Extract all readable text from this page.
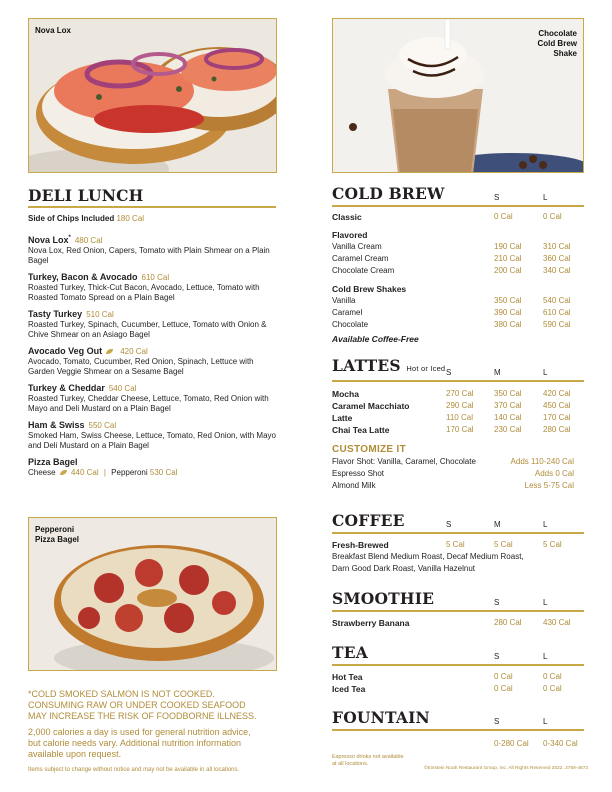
Nova Lox
DELI LUNCH
Side of Chips Included 180 Cal
Nova Lox* 480 Cal
Nova Lox, Red Onion, Capers, Tomato with Plain Shmear on a Plain Bagel
Turkey, Bacon & Avocado 610 Cal
Roasted Turkey, Thick-Cut Bacon, Avocado, Lettuce, Tomato with Roasted Tomato Spread on a Plain Bagel
Tasty Turkey 510 Cal
Roasted Turkey, Spinach, Cucumber, Lettuce, Tomato with Onion & Chive Shmear on an Asiago Bagel
Avocado Veg Out 420 Cal
Avocado, Tomato, Cucumber, Red Onion, Spinach, Lettuce with Garden Veggie Shmear on a Sesame Bagel
Turkey & Cheddar 540 Cal
Roasted Turkey, Cheddar Cheese, Lettuce, Tomato, Red Onion with Mayo and Deli Mustard on a Plain Bagel
Ham & Swiss 550 Cal
Smoked Ham, Swiss Cheese, Lettuce, Tomato, Red Onion, with Mayo and Deli Mustard on a Plain Bagel
Pizza Bagel
Cheese 440 Cal | Pepperoni 530 Cal
Pepperoni
Pizza Bagel
*COLD SMOKED SALMON IS NOT COOKED.
CONSUMING RAW OR UNDER COOKED SEAFOOD
MAY INCREASE THE RISK OF FOODBORNE ILLNESS.
2,000 calories a day is used for general nutrition advice,
but calorie needs vary. Additional nutrition information
available upon request.
Items subject to change without notice and may not be available in all locations.
Chocolate
Cold Brew
Shake
COLD BREW	S	L
Classic	0 Cal	0 Cal
Flavored
Vanilla Cream	190 Cal	310 Cal
Caramel Cream	210 Cal	360 Cal
Chocolate Cream	200 Cal	340 Cal
Cold Brew Shakes
Vanilla	350 Cal	540 Cal
Caramel	390 Cal	610 Cal
Chocolate	380 Cal	590 Cal
Available Coffee-Free
LATTES Hot or Iced S	M	L
Mocha	270 Cal	350 Cal	420 Cal
Caramel Macchiato	290 Cal	370 Cal	450 Cal
Latte	110 Cal	140 Cal	170 Cal
Chai Tea Latte	170 Cal	230 Cal	280 Cal
CUSTOMIZE IT
Flavor Shot: Vanilla, Caramel, Chocolate	Adds 110-240 Cal
Espresso Shot	Adds 0 Cal
Almond Milk	Less 5-75 Cal
COFFEE	S	M	L
Fresh-Brewed	5 Cal	5 Cal	5 Cal
Breakfast Blend Medium Roast, Decaf Medium Roast,
Darn Good Dark Roast, Vanilla Hazelnut
SMOOTHIE	S	L
Strawberry Banana	280 Cal	430 Cal
TEA	S	L
Hot Tea	0 Cal	0 Cal
Iced Tea	0 Cal	0 Cal
FOUNTAIN	S	L
0-280 Cal 0-340 Cal
Espresso drinks not available
at all locations.
©Einstein Noah Restaurant Group, Inc. All Rights Reserved 2022. 2769-4873
